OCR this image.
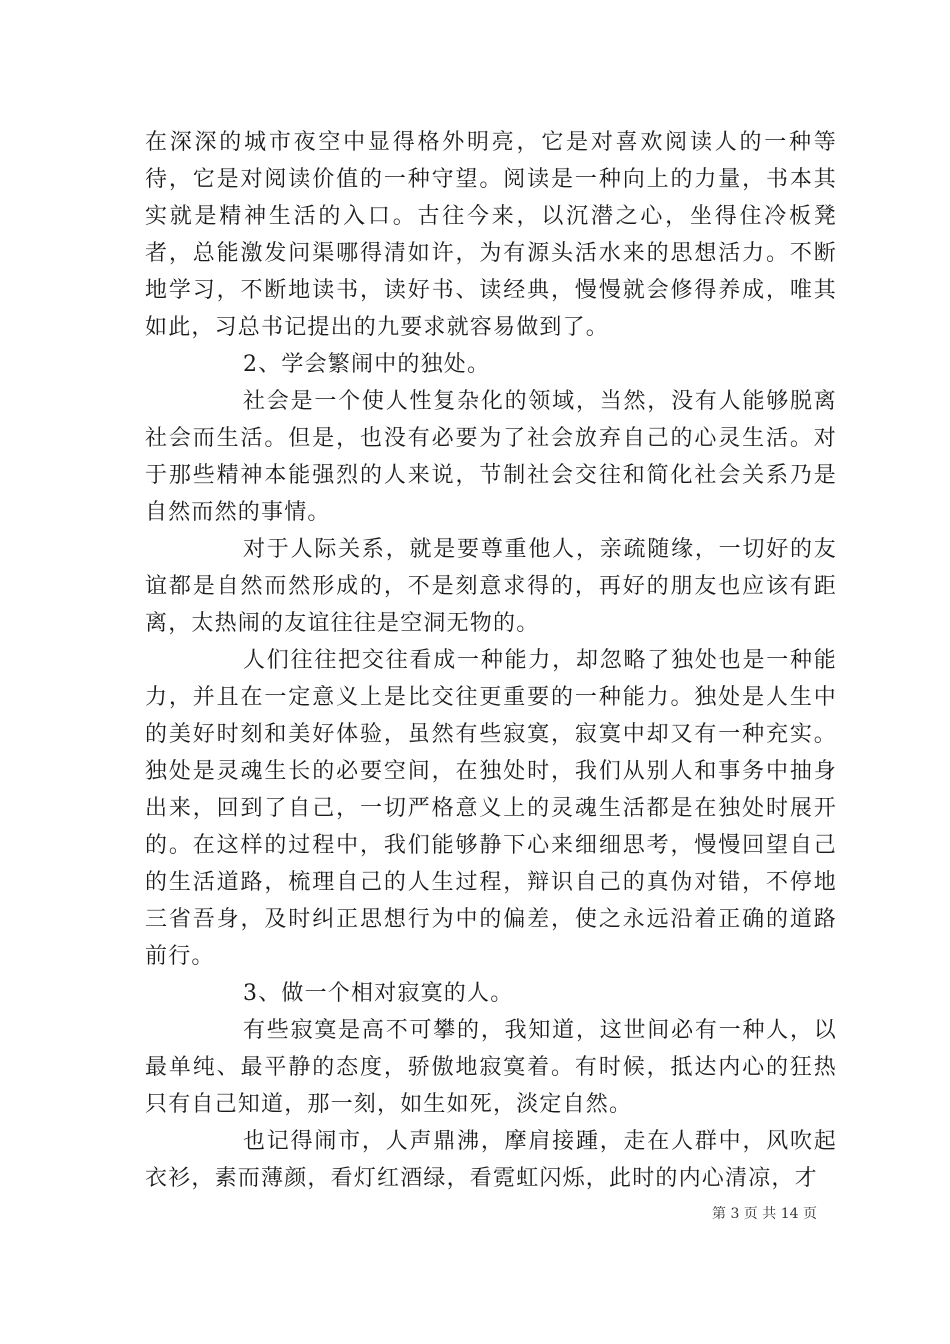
在深深的城市夜空中显得格外明亮，它是对喜欢阅读人的一种等待，它是对阅读价值的一种守望。阅读是一种向上的力量，书本其实就是精神生活的入口。古往今来，以沉潜之心，坐得住冷板凳者，总能激发问渠哪得清如许，为有源头活水来的思想活力。不断地学习，不断地读书，读好书、读经典，慢慢就会修得养成，唯其如此，习总书记提出的九要求就容易做到了。

2、学会繁闹中的独处。

社会是一个使人性复杂化的领域，当然，没有人能够脱离社会而生活。但是，也没有必要为了社会放弃自己的心灵生活。对于那些精神本能强烈的人来说，节制社会交往和简化社会关系乃是自然而然的事情。

对于人际关系，就是要尊重他人，亲疏随缘，一切好的友谊都是自然而然形成的，不是刻意求得的，再好的朋友也应该有距离，太热闹的友谊往往是空洞无物的。

人们往往把交往看成一种能力，却忽略了独处也是一种能力，并且在一定意义上是比交往更重要的一种能力。独处是人生中的美好时刻和美好体验，虽然有些寂寞，寂寞中却又有一种充实。独处是灵魂生长的必要空间，在独处时，我们从别人和事务中抽身出来，回到了自己，一切严格意义上的灵魂生活都是在独处时展开的。在这样的过程中，我们能够静下心来细细思考，慢慢回望自己的生活道路，梳理自己的人生过程，辩识自己的真伪对错，不停地三省吾身，及时纠正思想行为中的偏差，使之永远沿着正确的道路前行。

3、做一个相对寂寞的人。

有些寂寞是高不可攀的，我知道，这世间必有一种人，以最单纯、最平静的态度，骄傲地寂寞着。有时候，抵达内心的狂热只有自己知道，那一刻，如生如死，淡定自然。

也记得闹市，人声鼎沸，摩肩接踵，走在人群中，风吹起衣衫，素而薄颜，看灯红酒绿，看霓虹闪烁，此时的内心清凉，才

第 3 页 共 14 页
